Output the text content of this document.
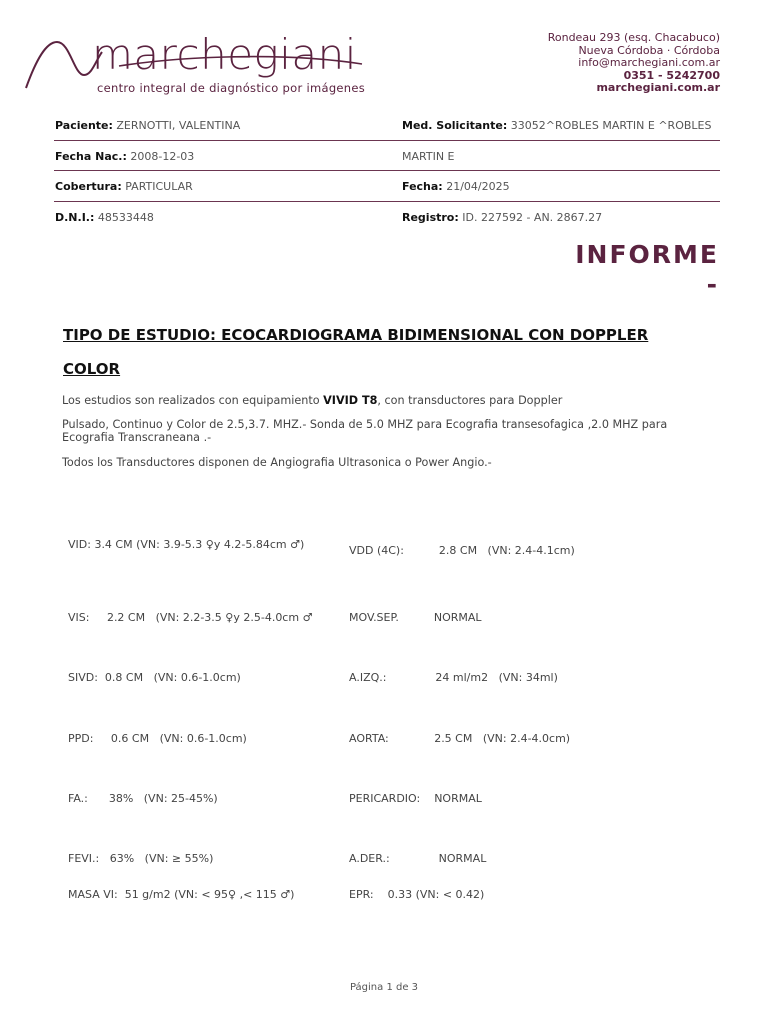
marchegiani
centro integral de diagnóstico por imágenes
Rondeau 293 (esq. Chacabuco)
Nueva Córdoba · Córdoba
info@marchegiani.com.ar
0351 - 5242700
marchegiani.com.ar
Paciente: ZERNOTTI, VALENTINA	Med. Solicitante: 33052^ROBLES MARTIN E ^ROBLES
Fecha Nac.: 2008-12-03	MARTIN E
Cobertura: PARTICULAR	Fecha: 21/04/2025
D.N.I.: 48533448	Registro: ID. 227592 - AN. 2867.27
INFORME
-
TIPO DE ESTUDIO: ECOCARDIOGRAMA BIDIMENSIONAL CON DOPPLER
COLOR
Los estudios son realizados con equipamiento VIVID T8, con transductores para Doppler
Pulsado, Continuo y Color de 2.5,3.7. MHZ.- Sonda de 5.0 MHZ para Ecografia transesofagica ,2.0 MHZ para Ecografia Transcraneana .-
Todos los Transductores disponen de Angiografia Ultrasonica o Power Angio.-
VID: 3.4 CM (VN: 3.9-5.3 ♀y 4.2-5.84cm ♂)	VDD (4C):          2.8 CM   (VN: 2.4-4.1cm)
VIS:     2.2 CM   (VN: 2.2-3.5 ♀y 2.5-4.0cm ♂	MOV.SEP.          NORMAL
SIVD:  0.8 CM   (VN: 0.6-1.0cm)	A.IZQ.:              24 ml/m2   (VN: 34ml)
PPD:     0.6 CM   (VN: 0.6-1.0cm)	AORTA:             2.5 CM   (VN: 2.4-4.0cm)
FA.:      38%   (VN: 25-45%)	PERICARDIO:    NORMAL
FEVI.:   63%   (VN: ≥ 55%)	A.DER.:              NORMAL
MASA VI:  51 g/m2 (VN: < 95♀ ,< 115 ♂)	EPR:    0.33 (VN: < 0.42)
Página 1 de 3
